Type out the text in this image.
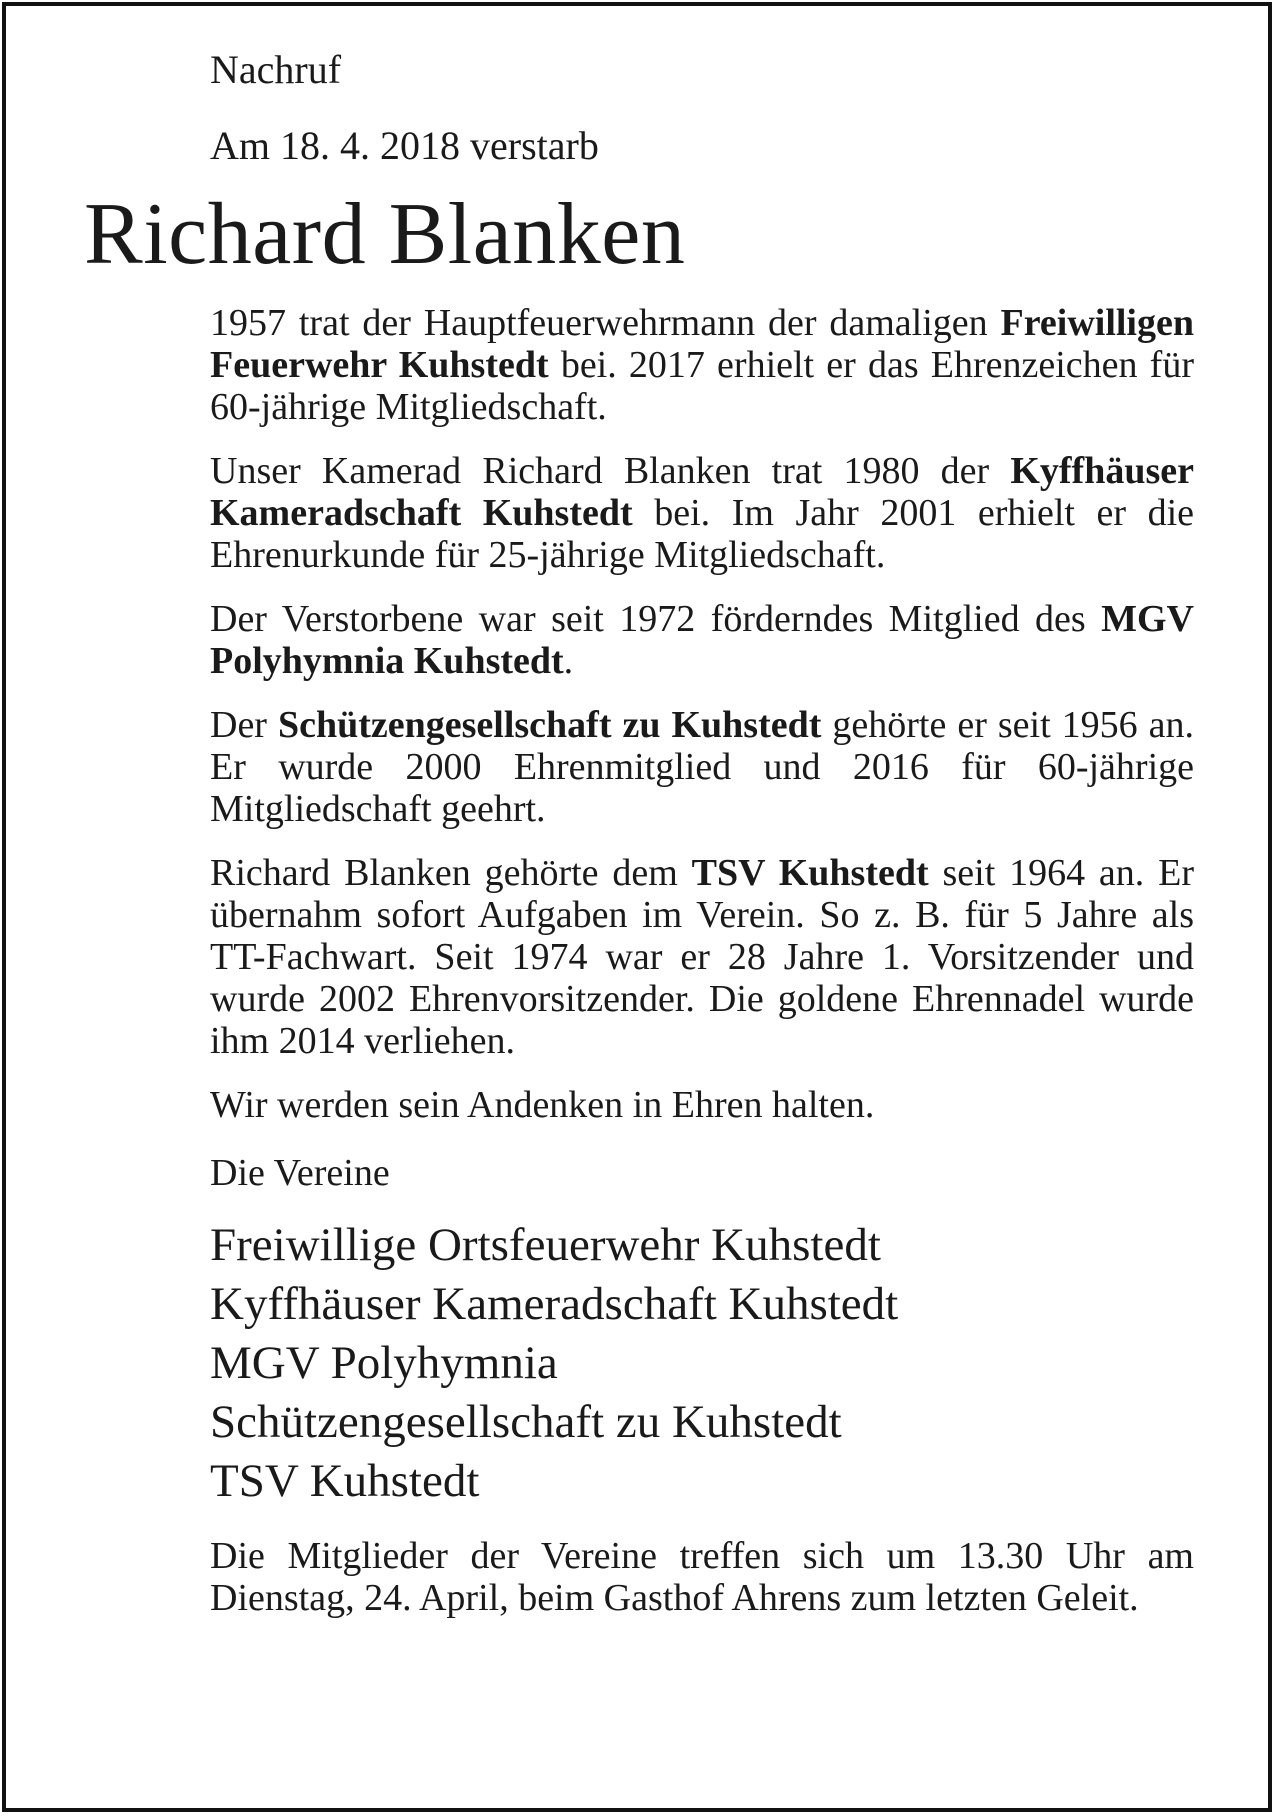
Nachruf

Am 18. 4. 2018 verstarb

Richard Blanken

1957 trat der Hauptfeuerwehrmann der damaligen Freiwilligen Feuerwehr Kuhstedt bei. 2017 erhielt er das Ehrenzeichen für 60-jährige Mitgliedschaft.

Unser Kamerad Richard Blanken trat 1980 der Kyffhäuser Kameradschaft Kuhstedt bei. Im Jahr 2001 erhielt er die Ehrenurkunde für 25-jährige Mitgliedschaft.

Der Verstorbene war seit 1972 förderndes Mitglied des MGV Polyhymnia Kuhstedt.

Der Schützengesellschaft zu Kuhstedt gehörte er seit 1956 an. Er wurde 2000 Ehrenmitglied und 2016 für 60-jährige Mitgliedschaft geehrt.

Richard Blanken gehörte dem TSV Kuhstedt seit 1964 an. Er übernahm sofort Aufgaben im Verein. So z. B. für 5 Jahre als TT-Fachwart. Seit 1974 war er 28 Jahre 1. Vorsitzender und wurde 2002 Ehrenvorsitzender. Die goldene Ehrennadel wurde ihm 2014 verliehen.

Wir werden sein Andenken in Ehren halten.

Die Vereine

Freiwillige Ortsfeuerwehr Kuhstedt
Kyffhäuser Kameradschaft Kuhstedt
MGV Polyhymnia
Schützengesellschaft zu Kuhstedt
TSV Kuhstedt

Die Mitglieder der Vereine treffen sich um 13.30 Uhr am Dienstag, 24. April, beim Gasthof Ahrens zum letzten Geleit.
